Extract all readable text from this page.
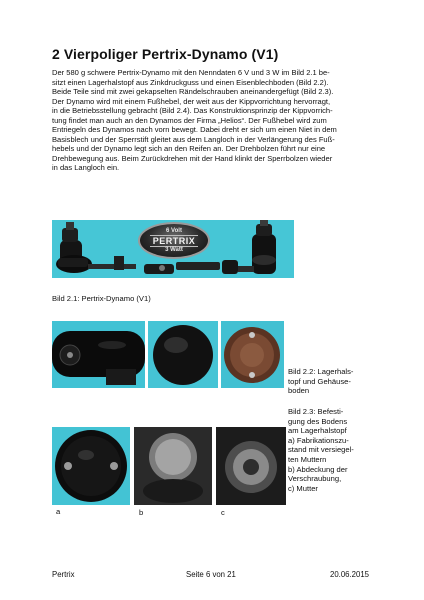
2 Vierpoliger Pertrix-Dynamo (V1)
Der 580 g schwere Pertrix-Dynamo mit den Nenndaten 6 V und 3 W im Bild 2.1 be-
sitzt einen Lagerhalstopf aus Zinkdruckguss und einen Eisenblechboden (Bild 2.2).
Beide Teile sind mit zwei gekapselten Rändelschrauben aneinandergefügt (Bild 2.3).
Der Dynamo wird mit einem Fußhebel, der weit aus der Kippvorrichtung hervorragt,
in die Betriebsstellung gebracht (Bild 2.4). Das Konstruktionsprinzip der Kippvorrich-
tung findet man auch an den Dynamos der Firma „Helios“. Der Fußhebel wird zum
Entriegeln des Dynamos nach vorn bewegt. Dabei dreht er sich um einen Niet in dem
Basisblech und der Sperrstift gleitet aus dem Langloch in der Verlängerung des Fuß-
hebels und der Dynamo legt sich an den Reifen an. Der Drehbolzen führt nur eine
Drehbewegung aus. Beim Zurückdrehen mit der Hand klinkt der Sperrbolzen wieder
in das Langloch ein.
6 Volt
PERTRIX
3 Watt
Bild 2.1: Pertrix-Dynamo (V1)
Bild 2.2: Lagerhals-
topf und Gehäuse-
boden
Bild 2.3: Befesti-
gung des Bodens
am Lagerhalstopf
a) Fabrikationszu-
stand mit versiegel-
ten Muttern
b) Abdeckung der
Verschraubung,
c) Mutter
a	b	c
Pertrix	Seite 6 von 21	20.06.2015
